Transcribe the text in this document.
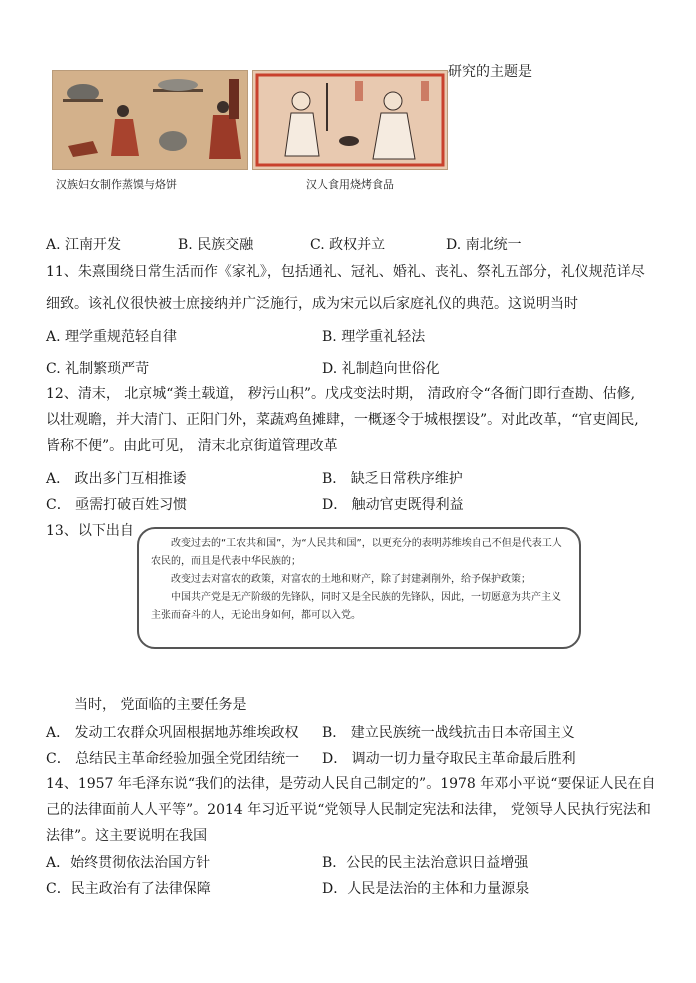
汉族妇女制作蒸馍与烙饼	汉人食用烧烤食品
研究的主题是
A. 江南开发	B. 民族交融	C. 政权并立	D. 南北统一
11、朱熹围绕日常生活而作《家礼》，包括通礼、冠礼、婚礼、丧礼、祭礼五部分，礼仪规范详尽
细致。该礼仪很快被士庶接纳并广泛施行，成为宋元以后家庭礼仪的典范。这说明当时
A. 理学重规范轻自律	B. 理学重礼轻法
C. 礼制繁琐严苛	D. 礼制趋向世俗化
12、清末， 北京城“粪土载道， 秽污山积”。戊戌变法时期， 清政府令“各衙门即行查勘、估修,
以壮观瞻，并大清门、正阳门外，菜蔬鸡鱼摊肆，一概逐令于城根摆设”。对此改革，“官吏阊民,
皆称不便”。由此可见， 清末北京街道管理改革
A． 政出多门互相推诿	B． 缺乏日常秩序维护
C． 亟需打破百姓习惯	D． 触动官吏既得利益
13、以下出自

改变过去的“工农共和国”，为“人民共和国”，以更充分的表明苏维埃自己不但是代表工人农民的，而且是代表中华民族的；

改变过去对富农的政策，对富农的土地和财产，除了封建剥削外，给予保护政策；

中国共产党是无产阶级的先锋队，同时又是全民族的先锋队，因此，一切愿意为共产主义主张而奋斗的人，无论出身如何，都可以入党。

当时， 党面临的主要任务是
A． 发动工农群众巩固根据地苏维埃政权 B． 建立民族统一战线抗击日本帝国主义
C． 总结民主革命经验加强全党团结统一 D． 调动一切力量夺取民主革命最后胜利
14、1957 年毛泽东说“我们的法律，是劳动人民自己制定的”。1978 年邓小平说“要保证人民在自
己的法律面前人人平等”。2014 年习近平说“党领导人民制定宪法和法律， 党领导人民执行宪法和
法律”。这主要说明在我国
A．始终贯彻依法治国方针	B．公民的民主法治意识日益增强
C．民主政治有了法律保障	D．人民是法治的主体和力量源泉
